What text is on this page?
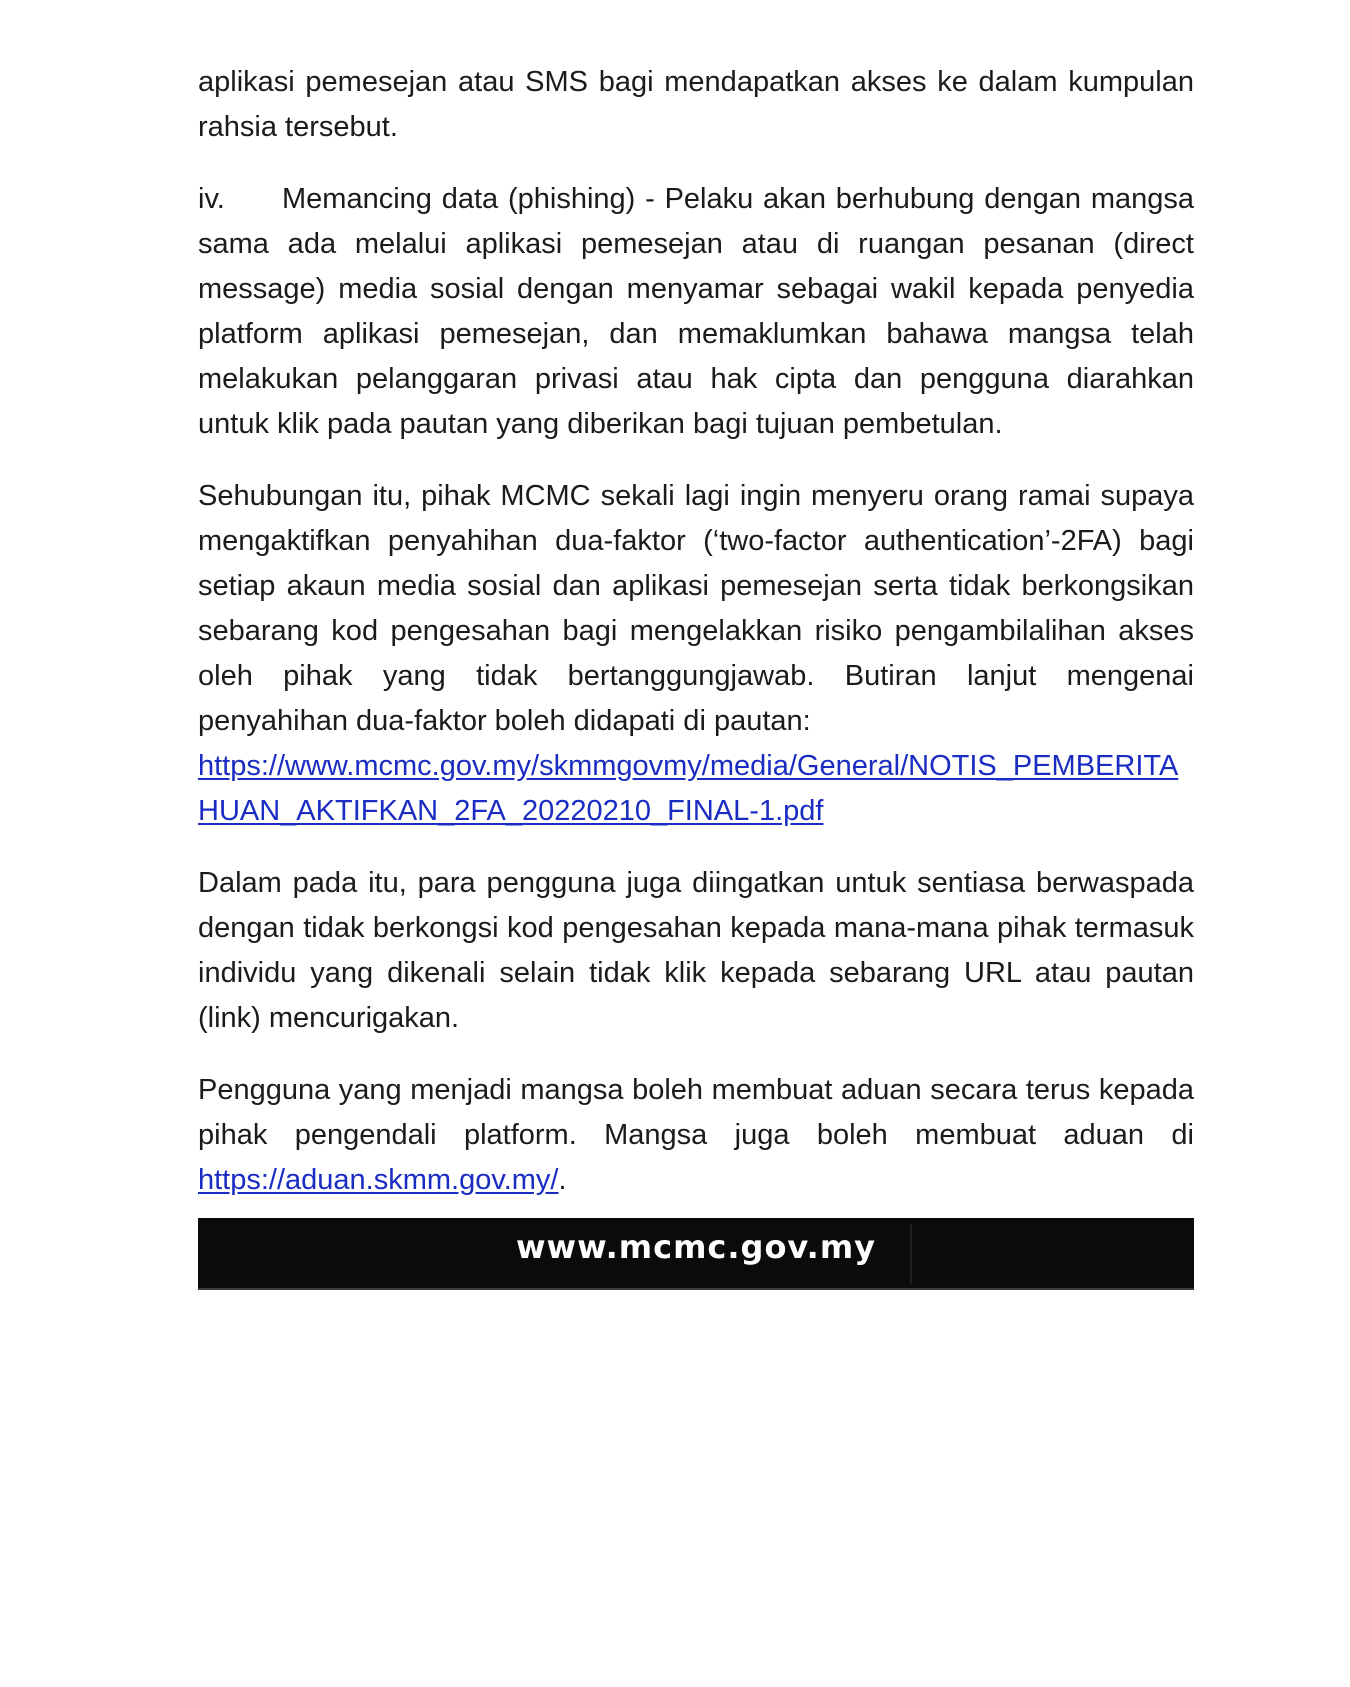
aplikasi pemesejan atau SMS bagi mendapatkan akses ke dalam kumpulan rahsia tersebut.

iv. Memancing data (phishing) - Pelaku akan berhubung dengan mangsa sama ada melalui aplikasi pemesejan atau di ruangan pesanan (direct message) media sosial dengan menyamar sebagai wakil kepada penyedia platform aplikasi pemesejan, dan memaklumkan bahawa mangsa telah melakukan pelanggaran privasi atau hak cipta dan pengguna diarahkan untuk klik pada pautan yang diberikan bagi tujuan pembetulan.

Sehubungan itu, pihak MCMC sekali lagi ingin menyeru orang ramai supaya mengaktifkan penyahihan dua-faktor (‘two-factor authentication’-2FA) bagi setiap akaun media sosial dan aplikasi pemesejan serta tidak berkongsikan sebarang kod pengesahan bagi mengelakkan risiko pengambilalihan akses oleh pihak yang tidak bertanggungjawab. Butiran lanjut mengenai penyahihan dua-faktor boleh didapati di pautan:
https://www.mcmc.gov.my/skmmgovmy/media/General/NOTIS_PEMBERITAHUAN_AKTIFKAN_2FA_20220210_FINAL-1.pdf

Dalam pada itu, para pengguna juga diingatkan untuk sentiasa berwaspada dengan tidak berkongsi kod pengesahan kepada mana-mana pihak termasuk individu yang dikenali selain tidak klik kepada sebarang URL atau pautan (link) mencurigakan.

Pengguna yang menjadi mangsa boleh membuat aduan secara terus kepada pihak pengendali platform. Mangsa juga boleh membuat aduan di https://aduan.skmm.gov.my/.

www.mcmc.gov.my
